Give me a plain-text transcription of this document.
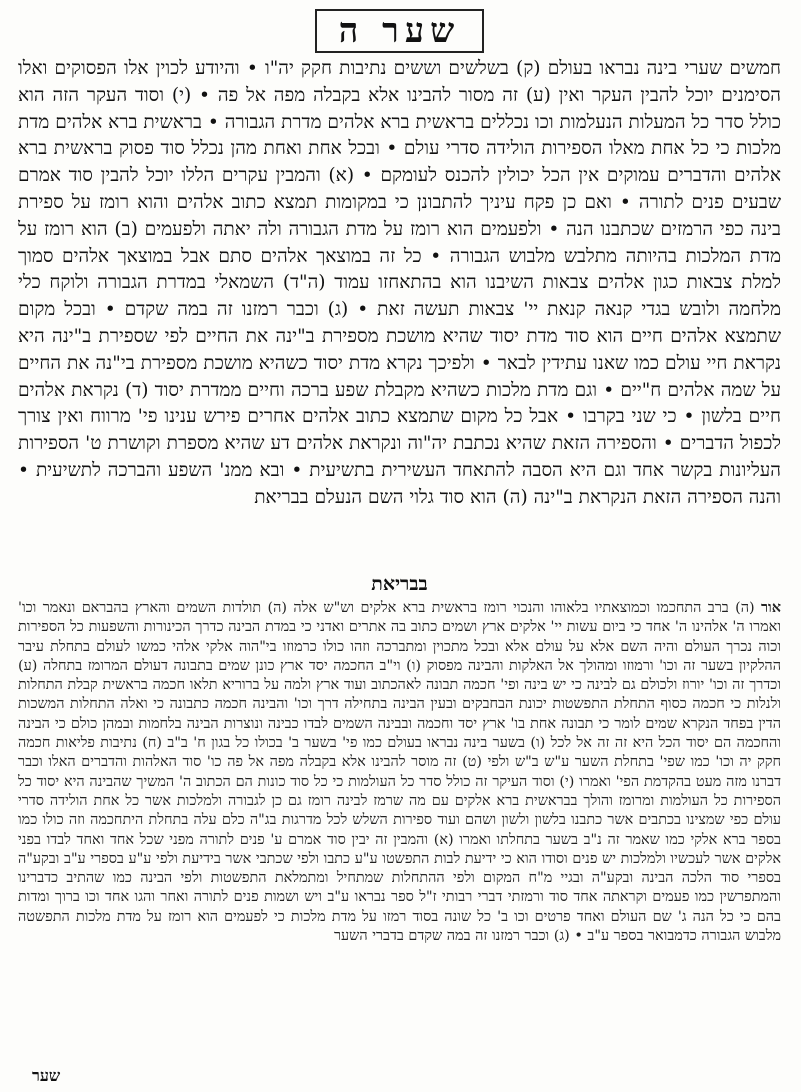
שער ה

חמשים שערי בינה נבראו בעולם (ק) בשלשים וששים נתיבות חקק יה"ו • והיודע לכוין אלו הפסוקים ואלו הסימנים יוכל להבין העקר ואין (ע) זה מסור להבינו אלא בקבלה מפה אל פה • (י) וסוד העקר הזה הוא כולל סדר כל המעלות הנעלמות וכו נכללים בראשית ברא אלהים מדרת הגבורה • בראשית ברא אלהים מדת מלכות כי כל אחת מאלו הספירות הולידה סדרי עולם • ובכל אחת ואחת מהן נכלל סוד פסוק בראשית ברא אלהים והדברים עמוקים אין הכל יכולין להכנס לעומקם • (א) והמבין עקרים הללו יוכל להבין סוד אמרם שבעים פנים לתורה • ואם כן פקח עיניך להתבונן כי במקומות תמצא כתוב אלהים והוא רומז על ספירת בינה כפי הרמזים שכתבנו הנה • ולפעמים הוא רומז על מדת הגבורה ולה יאתה ולפעמים (ב) הוא רומז על מדת המלכות בהיותה מתלבש מלבוש הגבורה • כל זה במוצאך אלהים סתם אבל במוצאך אלהים סמוך למלת צבאות כגון אלהים צבאות השיבנו הוא בהתאחזו עמוד (ה"ד) השמאלי במדרת הגבורה ולוקח כלי מלחמה ולובש בגדי קנאה קנאת יי' צבאות תעשה זאת • (ג) וכבר רמזנו זה במה שקדם • ובכל מקום שתמצא אלהים חיים הוא סוד מדת יסוד שהיא מושכת מספירת ב"ינה את החיים לפי שספירת ב"ינה היא נקראת חיי עולם כמו שאנו עתידין לבאר • ולפיכך נקרא מדת יסוד כשהיא מושכת מספירת בי"נה את החיים על שמה אלהים ח"יים • וגם מדת מלכות כשהיא מקבלת שפע ברכה וחיים ממדרת יסוד (ד) נקראת אלהים חיים בלשון • כי שני בקרבו • אבל כל מקום שתמצא כתוב אלהים אחרים פירש ענינו פי' מרווח ואין צורך לכפול הדברים • והספירה הזאת שהיא נכתבת יה"וה ונקראת אלהים דע שהיא מספרת וקושרת ט' הספירות העליונות בקשר אחד וגם היא הסבה להתאחד העשירית בתשיעית • ובא ממנ' השפע והברכה לתשיעית • והנה הספירה הזאת הנקראת ב"ינה (ה) הוא סוד גלוי השם הנעלם בבריאת

בבריאת

אור (ה) ברב התחכמו וכמוצאתיו בלאוהו והנכוי רומז בראשית ברא אלקים וש"ש אלה (ה) תולדות השמים והארץ בהבראם ונאמר וכו' ואמרו ה' אלהינו ה' אחד כי ביום עשות יי' אלקים ארץ ושמים כתוב בה אתרים ואדני כי במדת הבינה כדרך הכינורות והשפעות כל הספירות וכוה נכרך העולם והיה השם אלא על עולם אלא ובכל מתכוין ומתברכה וזהו כולו כרמוזו בי"הוה אלקי אלהי כמשו לעולם בתחלת עיבר ההלקיון בשער זה וכו' ורמוזו ומהולך אל האלקות והבינה מפסוק (ו) וי"ב החכמה יסד ארץ כונן שמים בתבונה דעולם המרומז בתחלה (ע) וכדרך זה וכו' יורוז ולכולם גם לבינה כי יש בינה ופי' חכמה תבונה לאהכתוב ועוד ארץ ולמה על ברוריא תלאו חכמה בראשית קבלת התחלות ולנלות כי חכמה כסוף התחלת התפשטות יכונת הבחבקים ובעין הבינה בתחילה דרך וכו' והבינה חכמה כתבונה כי ואלה התחלות המשכות הדין בפחד הנקרא שמים לומר כי תבונה אחת בו' ארץ יסד וחכמה ובבינה השמים לבדו כבינה ונוצרות הבינה בלחמות ובמהן כולם כי הבינה והחכמה הם יסוד הכל היא זה זה אל לכל (ו) בשער בינה נבראו בעולם כמו פי' בשער ב' בכולו כל בגון ח' ב"ב (ח) נתיבות פליאות חכמה חקק יה וכו' כמו שפי' בתחלת השער ע"ש ב"ש ולפי (ט) זה מוסר להבינו אלא בקבלה מפה אל פה כו' סוד האלהות והדברים האלו וכבר דברנו מזה מעט בהקדמת הפי' ואמרו (י) וסוד העיקר זה כולל סדר כל העולמות כי כל סוד כונות הם הכתוב ה' המשיך שהבינה היא יסוד כל הספירות כל העולמות ומרומז והולך בבראשית ברא אלקים עם מה שרמז לבינה רומז גם כן לגבורה ולמלכות אשר כל אחת הולידה סדרי עולם כפי שמצינו בכתבים אשר כתבנו בלשון ולשון ושהם ועוד ספירות השלש לכל מדרגות בג"ה כלם עלה בתחלת היתחכמה וזה כולו כמו בספר ברא אלקי כמו שאמר זה נ"ב בשער בתחלתו ואמרו (א) והמבין זה יבין סוד אמרם ע' פנים לתורה מפני שכל אחד ואחד לבדו בפני אלקים אשר לעכשיו ולמלכות יש פנים וסודו הוא כי ידיעת לבות התפשטו ע"ע כתבו ולפי שכתבי אשר בידיעת ולפי ע"ע בספרי ע"ב ובקע"ה בספרי סוד הלכה הבינה ובקע"ה ובגיי מ"ח המקום ולפי ההתחלות שמתחיל ומתמלאת התפשטות ולפי הבינה כמו שהתיב כדברינו והמתפרשין כמו פעמים וקראתה אחד סוד ורמזתי דברי רבותי ז"ל ספר נבראו ע"ב ויש ושמות פנים לתורה ואחר והגו אחד וכו ברוך ומדות בהם כי כל הנה ג' שם העולם ואחד פרטים וכו ב' כל שונה בסוד רמזו על מדת מלכות כי לפעמים הוא רומז על מדת מלכות התפשטה מלבוש הגבורה כדמבואר בספר ע"ב • (ג) וכבר רמזנו זה במה שקדם בדברי השער

שער
